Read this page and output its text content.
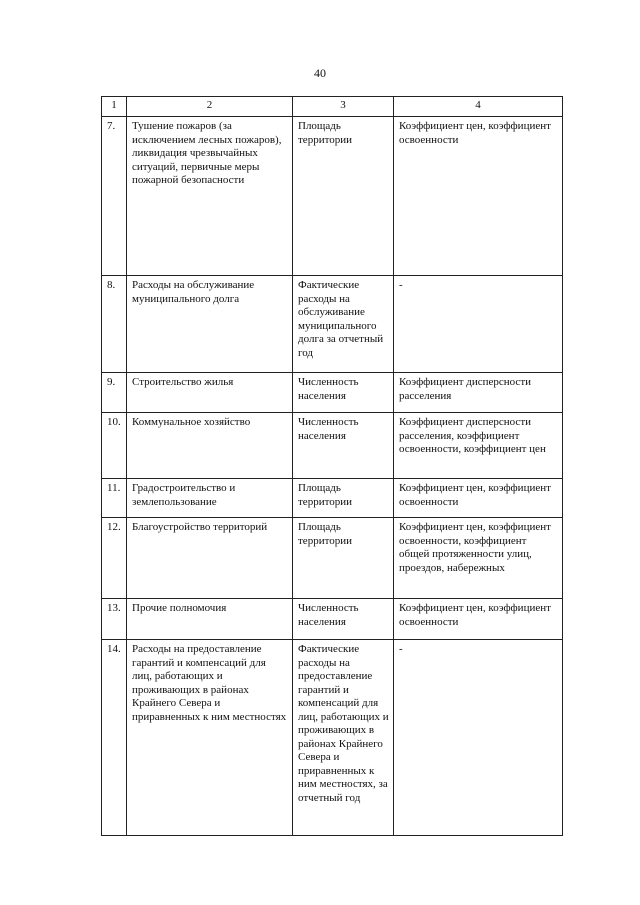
40
1	2	3	4
7.	Тушение пожаров (за исключением лесных пожаров), ликвидация чрезвычайных ситуаций, первичные меры пожарной безопасности	Площадь территории	Коэффициент цен, коэффициент освоенности
8.	Расходы на обслуживание муниципального долга	Фактические расходы на обслуживание муниципального долга за отчетный год	-
9.	Строительство жилья	Численность населения	Коэффициент дисперсности расселения
10.	Коммунальное хозяйство	Численность населения	Коэффициент дисперсности расселения, коэффициент освоенности, коэффициент цен
11.	Градостроительство и землепользование	Площадь территории	Коэффициент цен, коэффициент освоенности
12.	Благоустройство территорий	Площадь территории	Коэффициент цен, коэффициент освоенности, коэффициент общей протяженности улиц, проездов, набережных
13.	Прочие полномочия	Численность населения	Коэффициент цен, коэффициент освоенности
14.	Расходы на предоставление гарантий и компенсаций для лиц, работающих и проживающих в районах Крайнего Севера и приравненных к ним местностях	Фактические расходы на предоставление гарантий и компенсаций для лиц, работающих и проживающих в районах Крайнего Севера и приравненных к ним местностях, за отчетный год	-
